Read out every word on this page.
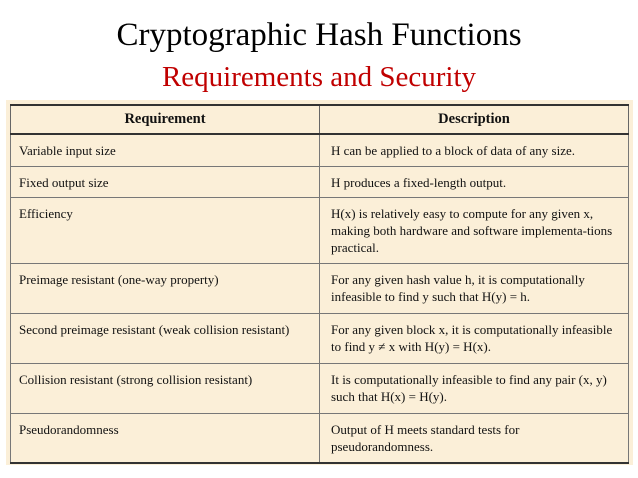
Cryptographic Hash Functions
Requirements and Security
Requirement	Description
Variable input size	H can be applied to a block of data of any size.
Fixed output size	H produces a fixed-length output.
Efficiency	H(x) is relatively easy to compute for any given x, making both hardware and software implementa-tions practical.
Preimage resistant (one-way property)	For any given hash value h, it is computationally infeasible to find y such that H(y) = h.
Second preimage resistant (weak collision resistant)	For any given block x, it is computationally infeasible to find y ≠ x with H(y) = H(x).
Collision resistant (strong collision resistant)	It is computationally infeasible to find any pair (x, y) such that H(x) = H(y).
Pseudorandomness	Output of H meets standard tests for pseudorandomness.
